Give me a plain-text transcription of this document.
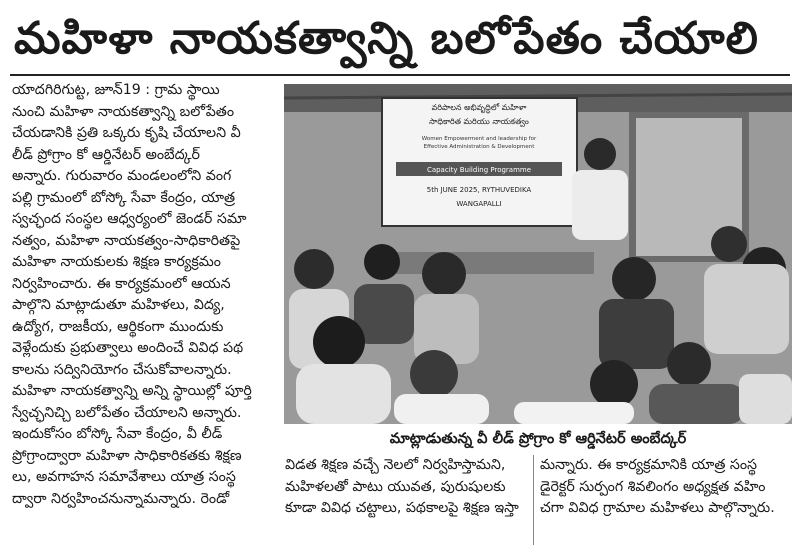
మహిళా నాయకత్వాన్ని బలోపేతం చేయాలి
యాదగిరిగుట్ట, జూన్19 : గ్రామ స్థాయి
నుంచి మహిళా నాయకత్వాన్ని బలోపేతం
చేయడానికి ప్రతి ఒక్కరు కృషి చేయాలని వీ
లీడ్ ప్రోగ్రాం కో ఆర్డినేటర్ అంబేద్కర్
అన్నారు. గురువారం మండలంలోని వంగ
పల్లి గ్రామంలో బోస్కో సేవా కేంద్రం, యాత్ర
స్వచ్ఛంద సంస్థల ఆధ్వర్యంలో జెండర్ సమా
నత్వం, మహిళా నాయకత్వం-సాధికారితపై
మహిళా నాయకులకు శిక్షణ కార్యక్రమం
నిర్వహించారు. ఈ కార్యక్రమంలో ఆయన
పాల్గొని మాట్లాడుతూ మహిళలు, విద్య,
ఉద్యోగ, రాజకీయ, ఆర్థికంగా ముందుకు
వెళ్లేందుకు ప్రభుత్వాలు అందించే వివిధ పథ
కాలను సద్వినియోగం చేసుకోవాలన్నారు.
మహిళా నాయకత్వాన్ని అన్ని స్థాయిల్లో పూర్తి
స్వేచ్ఛనిచ్చి బలోపేతం చేయాలని అన్నారు.
ఇందుకోసం బోస్కో సేవా కేంద్రం, వీ లీడ్
ప్రోగ్రాంద్వారా మహిళా సాధికారికతకు శిక్షణ
లు, అవగాహన సమావేశాలు యాత్ర సంస్థ
ద్వారా నిర్వహించనున్నామన్నారు. రెండో
వరిపాలన అభివృద్ధిలో మహిళా
సాధికారిత మరియు నాయకత్వం
Women Empowerment and leadership for
Effective Administration & Development
Capacity Building Programme
5th JUNE 2025, RYTHUVEDIKA
WANGAPALLI
మాట్లాడుతున్న వీ లీడ్ ప్రోగ్రాం కో ఆర్డినేటర్ అంబేద్కర్
విడత శిక్షణ వచ్చే నెలలో నిర్వహిస్తామని,
మహిళలతో పాటు యువత, పురుషులకు
కూడా వివిధ చట్టాలు, పథకాలపై శిక్షణ ఇస్తా
మన్నారు. ఈ కార్యక్రమానికి యాత్ర సంస్థ
డైరెక్టర్ సుర్పంగ శివలింగం అధ్యక్షత వహిం
చగా వివిధ గ్రామాల మహిళలు పాల్గొన్నారు.
